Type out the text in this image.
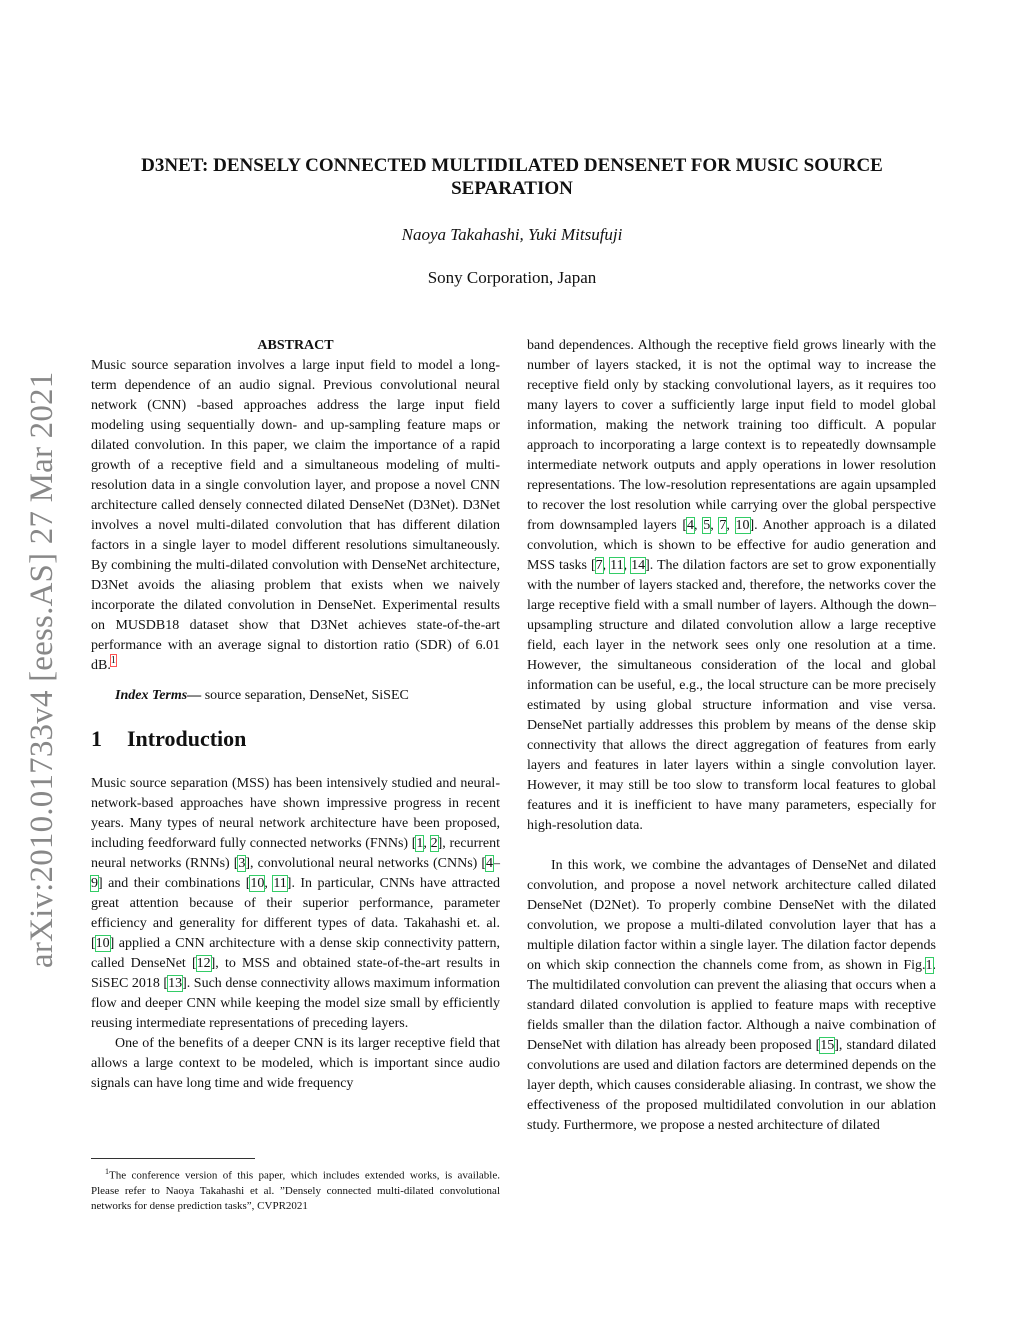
arXiv:2010.01733v4 [eess.AS] 27 Mar 2021
D3NET: DENSELY CONNECTED MULTIDILATED DENSENET FOR MUSIC SOURCE
SEPARATION
Naoya Takahashi, Yuki Mitsufuji
Sony Corporation, Japan
ABSTRACT

Music source separation involves a large input field to model a long-term dependence of an audio signal. Previous convolutional neural network (CNN) -based approaches address the large input field modeling using sequentially down- and up-sampling feature maps or dilated convolution. In this paper, we claim the importance of a rapid growth of a receptive field and a simultaneous modeling of multi-resolution data in a single convolution layer, and propose a novel CNN architecture called densely connected dilated DenseNet (D3Net). D3Net involves a novel multi-dilated convolution that has different dilation factors in a single layer to model different resolutions simultaneously. By combining the multi-dilated convolution with DenseNet architecture, D3Net avoids the aliasing problem that exists when we naively incorporate the dilated convolution in DenseNet. Experimental results on MUSDB18 dataset show that D3Net achieves state-of-the-art performance with an average signal to distortion ratio (SDR) of 6.01 dB.$^1$

Index Terms— source separation, DenseNet, SiSEC

1 Introduction

Music source separation (MSS) has been intensively studied and neural-network-based approaches have shown impressive progress in recent years. Many types of neural network architecture have been proposed, including feedforward fully connected networks (FNNs) [1, 2], recurrent neural networks (RNNs) [3], convolutional neural networks (CNNs) [4–9] and their combinations [10, 11]. In particular, CNNs have attracted great attention because of their superior performance, parameter efficiency and generality for different types of data. Takahashi et. al. [10] applied a CNN architecture with a dense skip connectivity pattern, called DenseNet [12], to MSS and obtained state-of-the-art results in SiSEC 2018 [13]. Such dense connectivity allows maximum information flow and deeper CNN while keeping the model size small by efficiently reusing intermediate representations of preceding layers.

One of the benefits of a deeper CNN is its larger receptive field that allows a large context to be modeled, which is important since audio signals can have long time and wide frequency

band dependences. Although the receptive field grows linearly with the number of layers stacked, it is not the optimal way to increase the receptive field only by stacking convolutional layers, as it requires too many layers to cover a sufficiently large input field to model global information, making the network training too difficult. A popular approach to incorporating a large context is to repeatedly downsample intermediate network outputs and apply operations in lower resolution representations. The low-resolution representations are again upsampled to recover the lost resolution while carrying over the global perspective from downsampled layers [4, 5, 7, 10]. Another approach is a dilated convolution, which is shown to be effective for audio generation and MSS tasks [7, 11, 14]. The dilation factors are set to grow exponentially with the number of layers stacked and, therefore, the networks cover the large receptive field with a small number of layers. Although the down–upsampling structure and dilated convolution allow a large receptive field, each layer in the network sees only one resolution at a time. However, the simultaneous consideration of the local and global information can be useful, e.g., the local structure can be more precisely estimated by using global structure information and vise versa. DenseNet partially addresses this problem by means of the dense skip connectivity that allows the direct aggregation of features from early layers and features in later layers within a single convolution layer. However, it may still be too slow to transform local features to global features and it is inefficient to have many parameters, especially for high-resolution data.

In this work, we combine the advantages of DenseNet and dilated convolution, and propose a novel network architecture called dilated DenseNet (D2Net). To properly combine DenseNet with the dilated convolution, we propose a multi-dilated convolution layer that has a multiple dilation factor within a single layer. The dilation factor depends on which skip connection the channels come from, as shown in Fig.1. The multidilated convolution can prevent the aliasing that occurs when a standard dilated convolution is applied to feature maps with receptive fields smaller than the dilation factor. Although a naive combination of DenseNet with dilation has already been proposed [15], standard dilated convolutions are used and dilation factors are determined depends on the layer depth, which causes considerable aliasing. In contrast, we show the effectiveness of the proposed multidilated convolution in our ablation study. Furthermore, we propose a nested architecture of dilated

$^1$The conference version of this paper, which includes extended works, is available. Please refer to Naoya Takahashi et al. ”Densely connected multi-dilated convolutional networks for dense prediction tasks”, CVPR2021
